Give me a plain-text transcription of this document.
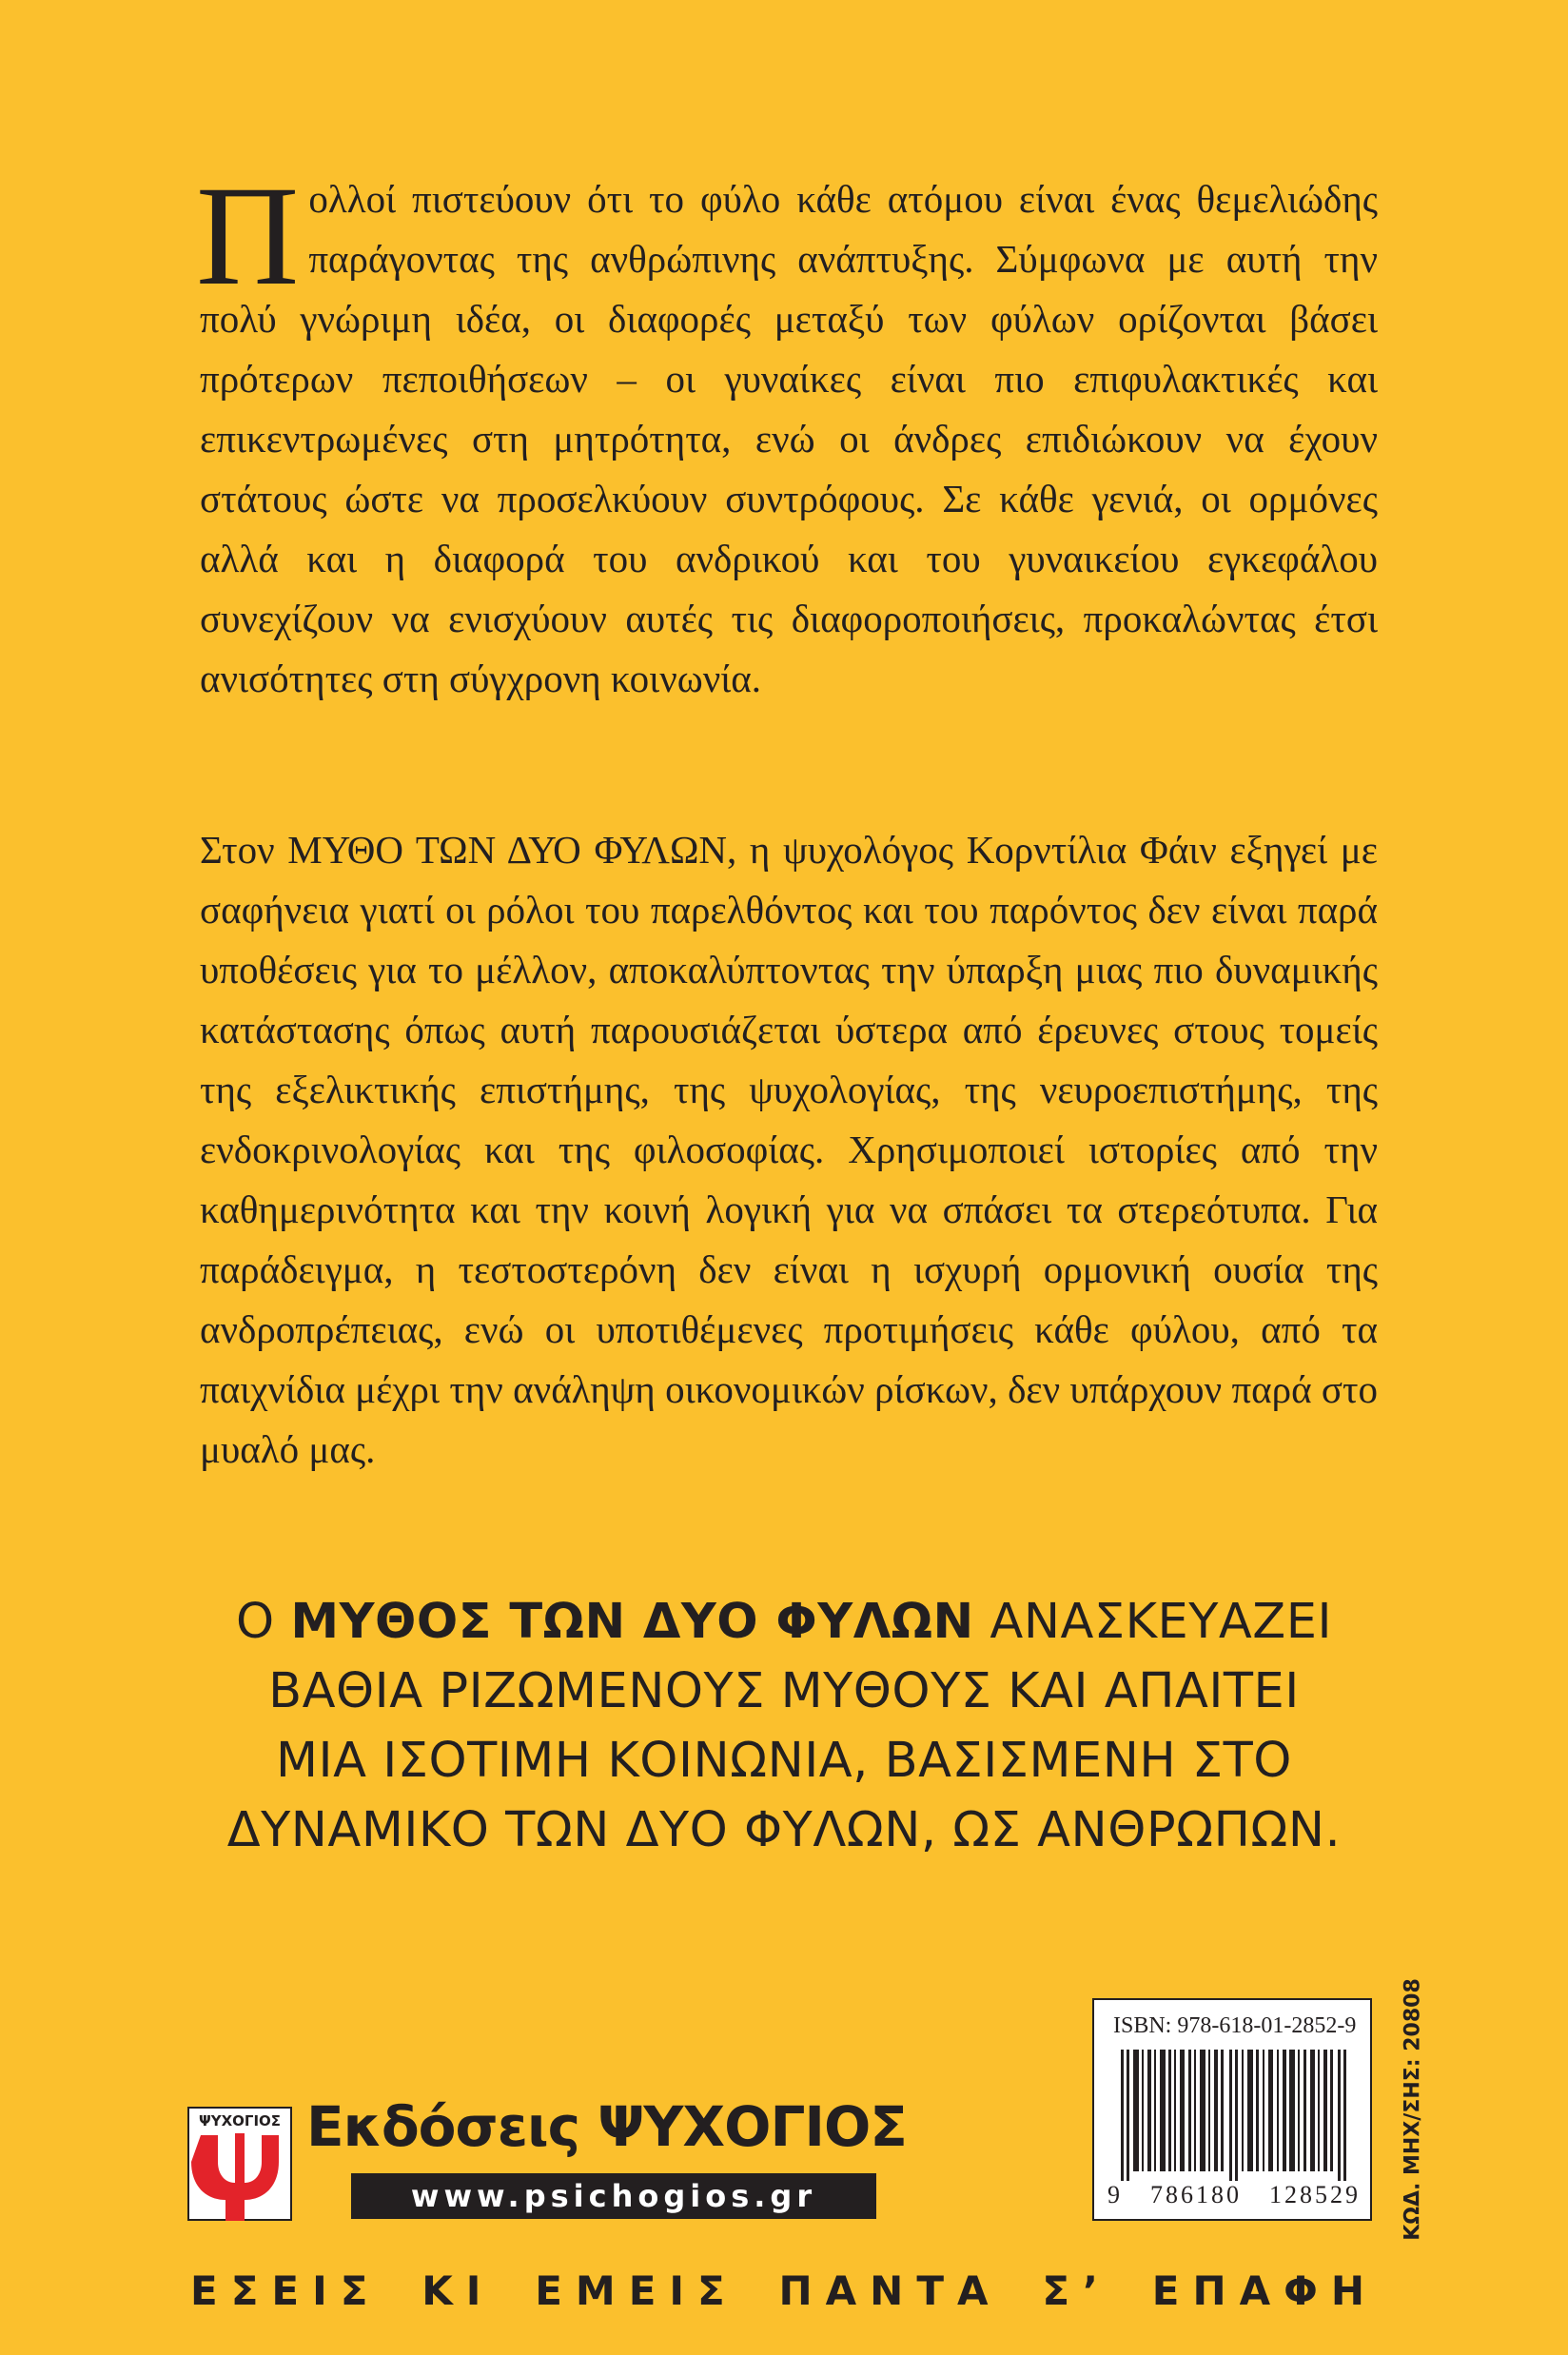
Πολλοί πιστεύουν ότι το φύλο κάθε ατόμου είναι ένας θεμελιώδης παράγοντας της ανθρώπινης ανάπτυξης. Σύμφωνα με αυτή την πολύ γνώριμη ιδέα, οι διαφορές μεταξύ των φύλων ορίζονται βάσει πρότερων πεποιθήσεων – οι γυναίκες είναι πιο επιφυλακτικές και επικεντρωμένες στη μητρότητα, ενώ οι άνδρες επιδιώκουν να έχουν στάτους ώστε να προσελκύουν συντρόφους. Σε κάθε γενιά, οι ορμόνες αλλά και η διαφορά του ανδρικού και του γυναικείου εγκεφάλου συνεχίζουν να ενισχύουν αυτές τις διαφοροποιήσεις, προκαλώντας έτσι ανισότητες στη σύγχρονη κοινωνία.

Στον ΜΥΘΟ ΤΩΝ ΔΥΟ ΦΥΛΩΝ, η ψυχολόγος Κορντίλια Φάιν εξηγεί με σαφήνεια γιατί οι ρόλοι του παρελθόντος και του παρόντος δεν είναι παρά υποθέσεις για το μέλλον, αποκαλύπτοντας την ύπαρξη μιας πιο δυναμικής κατάστασης όπως αυτή παρουσιάζεται ύστερα από έρευνες στους τομείς της εξελικτικής επιστήμης, της ψυχολογίας, της νευροεπιστήμης, της ενδοκρινολογίας και της φιλοσοφίας. Χρησιμοποιεί ιστορίες από την καθημερινότητα και την κοινή λογική για να σπάσει τα στερεότυπα. Για παράδειγμα, η τεστοστερόνη δεν είναι η ισχυρή ορμονική ουσία της ανδροπρέπειας, ενώ οι υποτιθέμενες προτιμήσεις κάθε φύλου, από τα παιχνίδια μέχρι την ανάληψη οικονομικών ρίσκων, δεν υπάρχουν παρά στο μυαλό μας.

Ο ΜΥΘΟΣ ΤΩΝ ΔΥΟ ΦΥΛΩΝ ΑΝΑΣΚΕΥΑΖΕΙ
ΒΑΘΙΑ ΡΙΖΩΜΕΝΟΥΣ ΜΥΘΟΥΣ ΚΑΙ ΑΠΑΙΤΕΙ
ΜΙΑ ΙΣΟΤΙΜΗ ΚΟΙΝΩΝΙΑ, ΒΑΣΙΣΜΕΝΗ ΣΤΟ
ΔΥΝΑΜΙΚΟ ΤΩΝ ΔΥΟ ΦΥΛΩΝ, ΩΣ ΑΝΘΡΩΠΩΝ.
ISBN: 978-618-01-2852-9
9 786180 128529 ΚΩΔ. ΜΗΧ/ΣΗΣ: 20808
ΨΥΧΟΓΙΟΣ Εκδόσεις ΨΥΧΟΓΙΟΣ
www.psichogios.gr
ΕΣΕΙΣ ΚΙ ΕΜΕΙΣ ΠΑΝΤΑ Σ’ ΕΠΑΦΗ
